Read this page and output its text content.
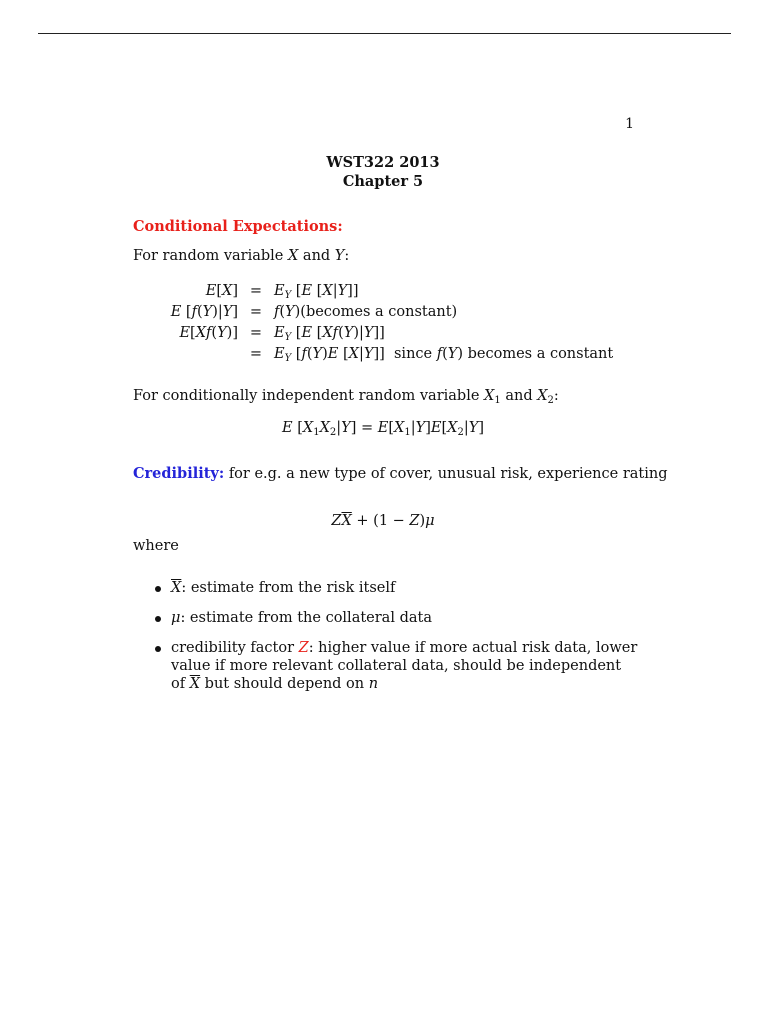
1
WST322 2013
Chapter 5
Conditional Expectations:
For random variable X and Y:
E[X]	=	$E_Y$ [E [X|Y]]
E [f(Y)|Y]	=	f(Y)(becomes a constant)
E[Xf(Y)]	=	$E_Y$ [E [Xf(Y)|Y]]
	=	$E_Y$ [f(Y)E [X|Y]]  since f(Y) becomes a constant
For conditionally independent random variable $X_1$ and $X_2$:
E $[X_1X_2|Y] = E[X_1|Y]E[X_2|Y]$
Credibility: for e.g. a new type of cover, unusual risk, experience rating
$Z\overline{X} + (1 - Z)\mu$
where
$\overline{X}$: estimate from the risk itself
μ: estimate from the collateral data
credibility factor Z: higher value if more actual risk data, lower value if more relevant collateral data, should be independent of $\overline{X}$ but should depend on n
